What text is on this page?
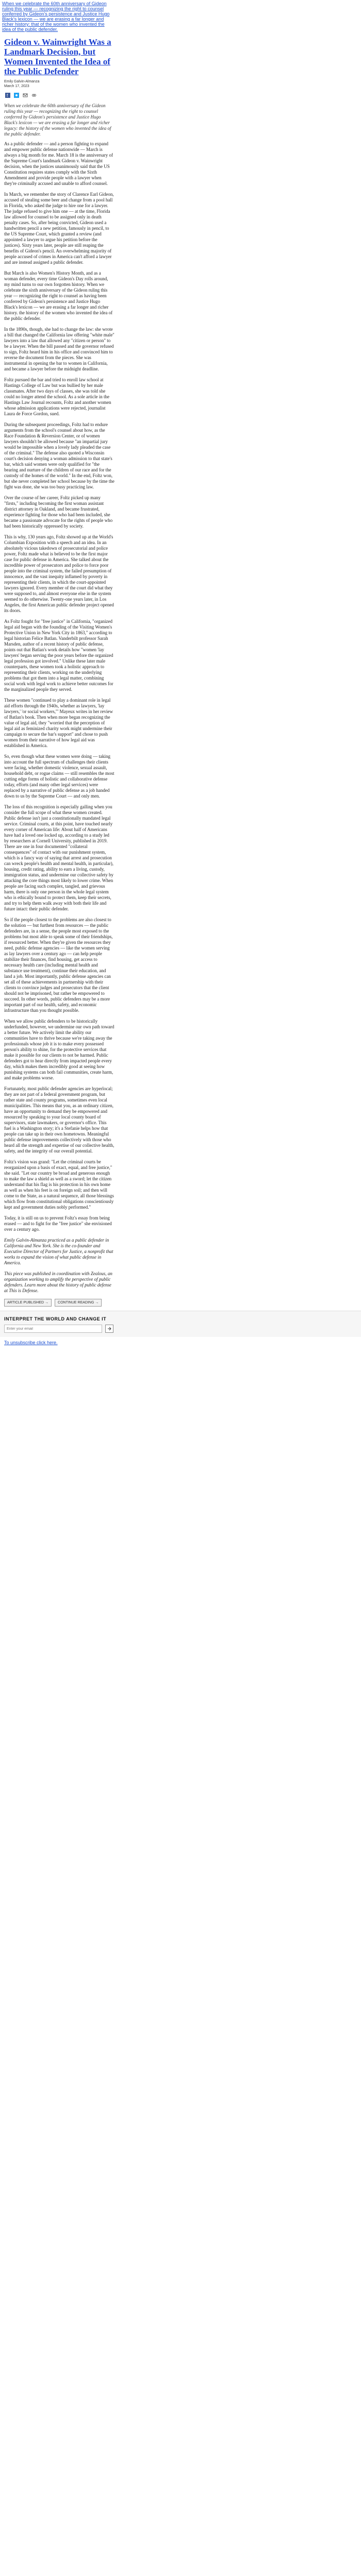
When we celebrate the 60th anniversary of Gideon ruling this year — recognizing the right to counsel conferred by Gideon's persistence and Justice Hugo Black's lexicon — we are erasing a far longer and richer history: that of the women who invented the idea of the public defender.
Gideon v. Wainwright Was a Landmark Decision, but Women Invented the Idea of the Public Defender
Emily Galvin-Almanza
March 17, 2023
f
When we celebrate the 60th anniversary of the Gideon ruling this year — recognizing the right to counsel conferred by Gideon's persistence and Justice Hugo Black's lexicon — we are erasing a far longer and richer legacy: the history of the women who invented the idea of the public defender.

As a public defender — and a person fighting to expand and empower public defense nationwide — March is always a big month for me. March 18 is the anniversary of the Supreme Court's landmark Gideon v. Wainwright decision, when the justices unanimously said that the US Constitution requires states comply with the Sixth Amendment and provide people with a lawyer when they're criminally accused and unable to afford counsel.

In March, we remember the story of Clarence Earl Gideon, accused of stealing some beer and change from a pool hall in Florida, who asked the judge to hire one for a lawyer. The judge refused to give him one — at the time, Florida law allowed for counsel to be assigned only in death penalty cases. So, after being convicted, Gideon used a handwritten pencil a new petition, famously in pencil, to the US Supreme Court, which granted a review (and appointed a lawyer to argue his petition before the justices). Sixty years later, people are still reaping the benefits of Gideon's pencil. An overwhelming majority of people accused of crimes in America can't afford a lawyer and are instead assigned a public defender.

But March is also Women's History Month, and as a woman defender, every time Gideon's Day rolls around, my mind turns to our own forgotten history. When we celebrate the sixth anniversary of the Gideon ruling this year — recognizing the right to counsel as having been conferred by Gideon's persistence and Justice Hugo Black's lexicon — we are erasing a far longer and richer history. the history of the women who invented the idea of the public defender.

In the 1890s, though, she had to change the law: she wrote a bill that changed the California law offering "white male" lawyers into a law that allowed any "citizen or person" to be a lawyer. When the bill passed and the governor refused to sign, Foltz heard him in his office and convinced him to reverse the document from the pieces. She was instrumental in opening the bar to women in California, and became a lawyer before the midnight deadline.

Foltz pursued the bar and tried to enroll law school at Hastings College of Law but was bullied by her male classmates. After two days of classes, she was told she could no longer attend the school. As a sole article in the Hastings Law Journal recounts, Foltz and another women whose admission applications were rejected, journalist Laura de Force Gordon, sued.

During the subsequent proceedings, Foltz had to endure arguments from the school's counsel about how, as the Race Foundation & Reversion Center, or of women lawyers shouldn't be allowed because "an impartial jury would be impossible when a lovely lady pleaded the case of the criminal." The defense also quoted a Wisconsin court's decision denying a woman admission to that state's bar, which said women were only qualified for "the bearing and nurture of the children of our race and for the custody of the homes of the world." In the end, Foltz won, but she never completed her school because by the time the fight was done, she was too busy practicing law.

Over the course of her career, Foltz picked up many "firsts," including becoming the first woman assistant district attorney in Oakland, and became frustrated, experience fighting for those who had been included, she became a passionate advocate for the rights of people who had been historically oppressed by society.

This is why, 130 years ago, Foltz showed up at the World's Columbian Exposition with a speech and an idea. In an absolutely vicious takedown of prosecutorial and police power, Foltz made what is believed to be the first major case for public defense in America. She talked about the incredible power of prosecutors and police to force poor people into the criminal system, the failed presumption of innocence, and the vast inequity inflamed by poverty in representing their clients, in which the court-appointed lawyers ignored. Every member of the court did what they were supposed to, and almost everyone else in the system seemed to do otherwise. Twenty-one years later, in Los Angeles, the first American public defender project opened its doors.

As Foltz fought for "free justice" in California, "organized legal aid began with the founding of the Visiting Women's Protective Union in New York City in 1863," according to legal historian Felice Batlan. Vanderbilt professor Sarah Marsden, author of a recent history of public defense, points out that Batlan's work details how "women 'lay lawyers' began serving the poor years before the organized legal profession got involved." Unlike these later male counterparts, these women took a holistic approach to representing their clients, working on the underlying problems that got them into a legal matter, combining social work with legal work to achieve better outcomes for the marginalized people they served.

These women "continued to play a dominant role in legal aid efforts through the 1940s, whether as lawyers, 'lay lawyers,' 'or social workers,'" Mayeux writes in her review of Batlan's book. Then when more began recognizing the value of legal aid, they "worried that the perception of legal aid as feminized charity work might undermine their campaign to secure the bar's support" and chose to push women from their narrative of how legal aid was established in America.

So, even though what these women were doing — taking into account the full spectrum of challenges their clients were facing, whether domestic violence, sexual assault, household debt, or rogue claims — still resembles the most cutting edge forms of holistic and collaborative defense today, efforts (and many other legal services) were replaced by a narrative of public defense as a job handed down to us by the Supreme Court — and only men.

The loss of this recognition is especially galling when you consider the full scope of what these women created. Public defense isn't just a constitutionally mandated legal service. Criminal courts, at this point, have touched nearly every corner of American life: About half of Americans have had a loved one locked up, according to a study led by researchers at Cornell University, published in 2019. There are one in four documented "collateral consequences" of contact with our punishment system, which is a fancy way of saying that arrest and prosecution can wreck people's health and mental health, in particular), housing, credit rating, ability to earn a living, custody, immigration status, and undermine our collective safety by attacking the core things most likely to lower crime. When people are facing such complex, tangled, and grievous harm, there is only one person in the whole legal system who is ethically bound to protect them, keep their secrets, and try to help them walk away with both their life and future intact: their public defender.

So if the people closest to the problems are also closest to the solution — but furthest from resources — the public defenders are, in a sense, the people most exposed to the problems but most able to speak some of their friendships, if resourced better. When they're given the resources they need, public defense agencies — like the women serving as lay lawyers over a century ago — can help people stabilize their finances, find housing, get access to necessary health care (including mental health and substance use treatment), continue their education, and land a job. Most importantly, public defense agencies can set all of these achievements in partnership with their clients to convince judges and prosecutors that the client should not be imprisoned, but rather be empowered to succeed. In other words, public defenders may be a more important part of our health, safety, and economic infrastructure than you thought possible.

When we allow public defenders to be historically underfunded, however, we undermine our own path toward a better future. We actively limit the ability our communities have to thrive because we're taking away the professionals whose job it is to make every possessed person's ability to shine, for the protective services that make it possible for our clients to not be harmed. Public defenders got to hear directly from impacted people every day, which makes them incredibly good at seeing how punishing systems can both fail communities, create harm, and make problems worse.

Fortunately, most public defender agencies are hyperlocal; they are not part of a federal government program, but rather state and county programs, sometimes even local municipalities. This means that you, as an ordinary citizen, have an opportunity to demand they be empowered and resourced by speaking to your local county board of supervisors, state lawmakers, or governor's office. This fuel is a Washington story; it's a Stefanie helps how that people can take up in their own hometowns. Meaningful public defense improvements collectively with those who heard all the strength and expertise of our collective health, safety, and the integrity of our overall potential.

Foltz's vision was grand: "Let the criminal courts be reorganized upon a basis of exact, equal, and free justice," she said. "Let our country be broad and generous enough to make the law a shield as well as a sword; let the citizen understand that his flag is his protection in his own home as well as when his feet is on foreign soil; and then will come to the State, as a natural sequence, all those blessings which flow from constitutional obligations conscientiously kept and government duties nobly performed."

Today, it is still on us to prevent Foltz's essay from being erased — and to fight for the "free justice" she envisioned over a century ago.

Emily Galvin-Almanza practiced as a public defender in California and New York. She is the co-founder and Executive Director of Partners for Justice, a nonprofit that works to expand the vision of what public defense in America.

This piece was published in coordination with Zealous, an organization working to amplify the perspective of public defenders. Learn more about the history of public defense at This is Defense.

ARTICLE PUBLISHED →	CONTINUE READING →
INTERPRET THE WORLD AND CHANGE IT
Enter your email
To unsubscribe click here.
